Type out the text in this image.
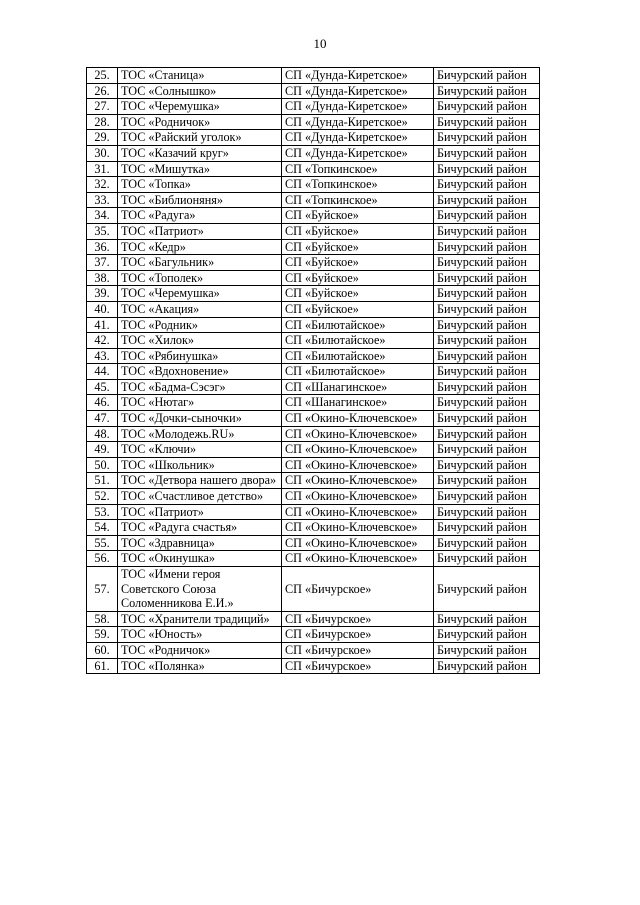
10
25.	ТОС «Станица»	СП «Дунда-Киретское»	Бичурский район
26.	ТОС «Солнышко»	СП «Дунда-Киретское»	Бичурский район
27.	ТОС «Черемушка»	СП «Дунда-Киретское»	Бичурский район
28.	ТОС «Родничок»	СП «Дунда-Киретское»	Бичурский район
29.	ТОС «Райский уголок»	СП «Дунда-Киретское»	Бичурский район
30.	ТОС «Казачий круг»	СП «Дунда-Киретское»	Бичурский район
31.	ТОС «Мишутка»	СП «Топкинское»	Бичурский район
32.	ТОС «Топка»	СП «Топкинское»	Бичурский район
33.	ТОС «Библионяня»	СП «Топкинское»	Бичурский район
34.	ТОС «Радуга»	СП «Буйское»	Бичурский район
35.	ТОС «Патриот»	СП «Буйское»	Бичурский район
36.	ТОС «Кедр»	СП «Буйское»	Бичурский район
37.	ТОС «Багульник»	СП «Буйское»	Бичурский район
38.	ТОС «Тополек»	СП «Буйское»	Бичурский район
39.	ТОС «Черемушка»	СП «Буйское»	Бичурский район
40.	ТОС «Акация»	СП «Буйское»	Бичурский район
41.	ТОС «Родник»	СП «Билютайское»	Бичурский район
42.	ТОС «Хилок»	СП «Билютайское»	Бичурский район
43.	ТОС «Рябинушка»	СП «Билютайское»	Бичурский район
44.	ТОС «Вдохновение»	СП «Билютайское»	Бичурский район
45.	ТОС «Бадма-Сэсэг»	СП «Шанагинское»	Бичурский район
46.	ТОС «Нютаг»	СП «Шанагинское»	Бичурский район
47.	ТОС «Дочки-сыночки»	СП «Окино-Ключевское»	Бичурский район
48.	ТОС «Молодежь.RU»	СП «Окино-Ключевское»	Бичурский район
49.	ТОС «Ключи»	СП «Окино-Ключевское»	Бичурский район
50.	ТОС «Школьник»	СП «Окино-Ключевское»	Бичурский район
51.	ТОС «Детвора нашего двора»	СП «Окино-Ключевское»	Бичурский район
52.	ТОС «Счастливое детство»	СП «Окино-Ключевское»	Бичурский район
53.	ТОС «Патриот»	СП «Окино-Ключевское»	Бичурский район
54.	ТОС «Радуга счастья»	СП «Окино-Ключевское»	Бичурский район
55.	ТОС «Здравница»	СП «Окино-Ключевское»	Бичурский район
56.	ТОС «Окинушка»	СП «Окино-Ключевское»	Бичурский район
57.	ТОС «Имени героя Советского Союза Соломенникова Е.И.»	СП «Бичурское»	Бичурский район
58.	ТОС «Хранители традиций»	СП «Бичурское»	Бичурский район
59.	ТОС «Юность»	СП «Бичурское»	Бичурский район
60.	ТОС «Родничок»	СП «Бичурское»	Бичурский район
61.	ТОС «Полянка»	СП «Бичурское»	Бичурский район
